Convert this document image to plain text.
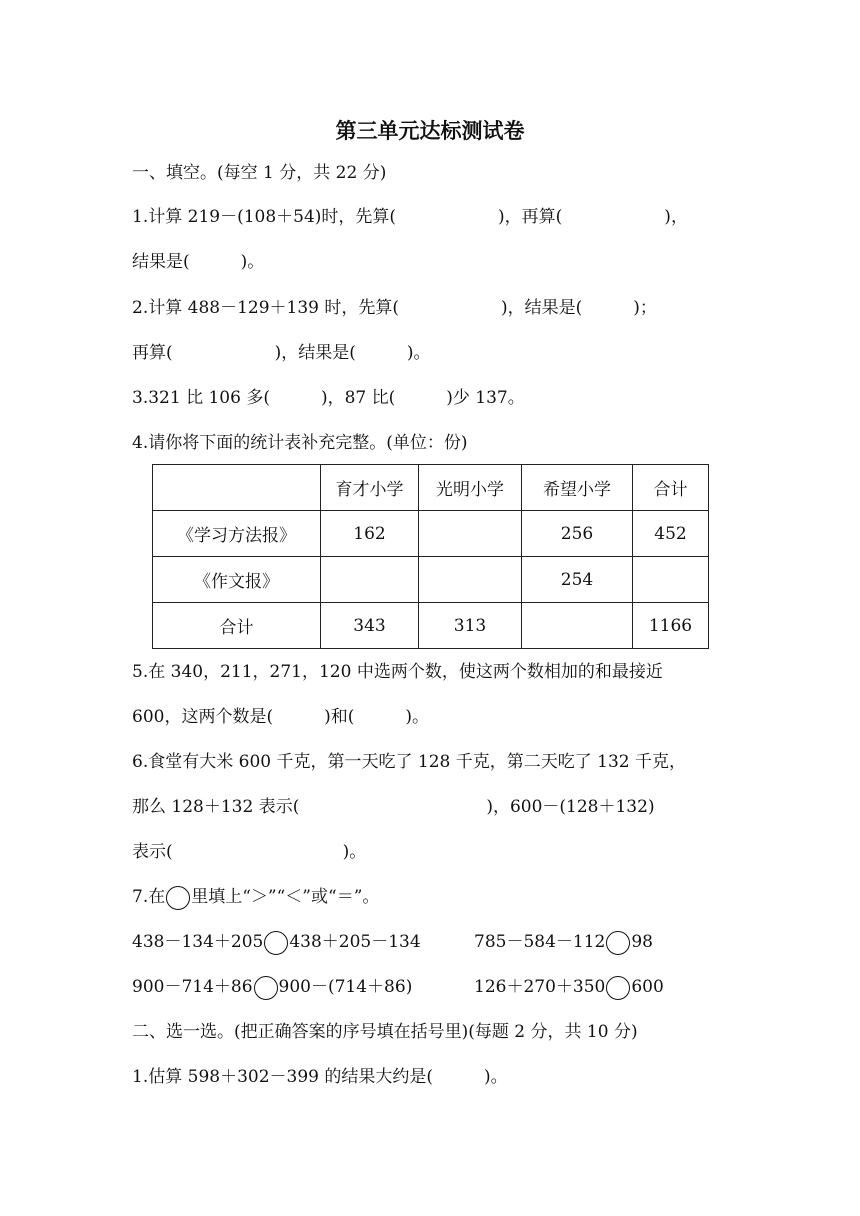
第三单元达标测试卷
一、填空。(每空 1 分，共 22 分)
1.计算 219－(108＋54)时，先算(　　　　　　)，再算(　　　　　　)，
结果是(　　　)。
2.计算 488－129＋139 时，先算(　　　　　　)，结果是(　　　)；
再算(　　　　　　)，结果是(　　　)。
3.321 比 106 多(　　　)，87 比(　　　)少 137。
4.请你将下面的统计表补充完整。(单位：份)
	育才小学	光明小学	希望小学	合计
《学习方法报》	162		256	452
《作文报》			254	
合计	343	313		1166
5.在 340，211，271，120 中选两个数，使这两个数相加的和最接近
600，这两个数是(　　　)和(　　　)。
6.食堂有大米 600 千克，第一天吃了 128 千克，第二天吃了 132 千克，
那么 128＋132 表示(　　　　　　　　　　　)，600－(128＋132)
表示(　　　　　　　　　　)。
7.在 里填上“＞”“＜”或“＝”。
438－134＋205 438＋205－134	785－584－112 98
900－714＋86 900－(714＋86)	126＋270＋350 600
二、选一选。(把正确答案的序号填在括号里)(每题 2 分，共 10 分)
1.估算 598＋302－399 的结果大约是(　　　)。
